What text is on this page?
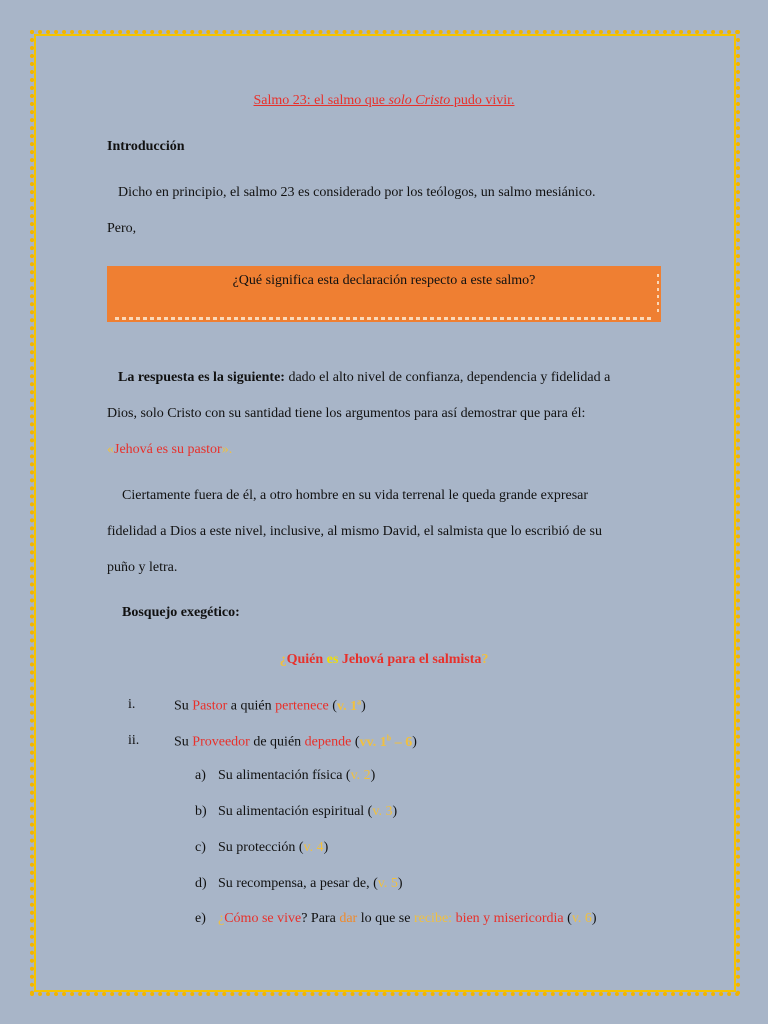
Salmo 23: el salmo que solo Cristo pudo vivir.
Introducción
Dicho en principio, el salmo 23 es considerado por los teólogos, un salmo mesiánico.
Pero,
¿Qué significa esta declaración respecto a este salmo?
La respuesta es la siguiente: dado el alto nivel de confianza, dependencia y fidelidad a
Dios, solo Cristo con su santidad tiene los argumentos para así demostrar que para él:
«Jehová es su pastor».
Ciertamente fuera de él, a otro hombre en su vida terrenal le queda grande expresar
fidelidad a Dios a este nivel, inclusive, al mismo David, el salmista que lo escribió de su
puño y letra.
Bosquejo exegético:
¿Quién es Jehová para el salmista?
i.	Su Pastor a quién pertenece (v. 1$^a$)
ii. Su Proveedor de quién depende (vv. 1$^b$ – 6)
a) Su alimentación física (v. 2)
b) Su alimentación espiritual (v. 3)
c) Su protección (v. 4)
d) Su recompensa, a pesar de, (v. 5)
e) ¿Cómo se vive? Para dar lo que se recibe: bien y misericordia (v. 6)
